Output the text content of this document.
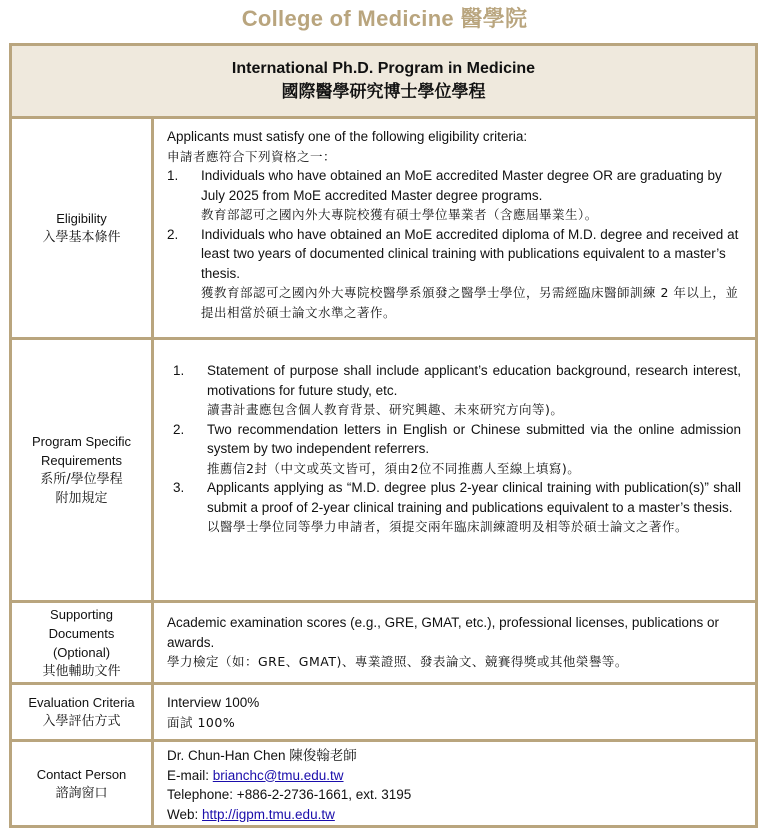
College of Medicine 醫學院
International Ph.D. Program in Medicine
國際醫學研究博士學位學程
Eligibility
入學基本條件
Applicants must satisfy one of the following eligibility criteria:
申請者應符合下列資格之一：
1. Individuals who have obtained an MoE accredited Master degree OR are graduating by July 2025 from MoE accredited Master degree programs.
教育部認可之國內外大專院校獲有碩士學位畢業者（含應屆畢業生）。
2. Individuals who have obtained an MoE accredited diploma of M.D. degree and received at least two years of documented clinical training with publications equivalent to a master’s thesis.
獲教育部認可之國內外大專院校醫學系頒發之醫學士學位，另需經臨床醫師訓練 2 年以上，並提出相當於碩士論文水準之著作。
Program Specific
Requirements
系所/學位學程
附加規定
1. Statement of purpose shall include applicant’s education background, research interest, motivations for future study, etc.
讀書計畫應包含個人教育背景、研究興趣、未來研究方向等)。
2. Two recommendation letters in English or Chinese submitted via the online admission system by two independent referrers.
推薦信2封（中文或英文皆可，須由2位不同推薦人至線上填寫)。
3. Applicants applying as “M.D. degree plus 2-year clinical training with publication(s)” shall submit a proof of 2-year clinical training and publications equivalent to a master’s thesis.
以醫學士學位同等學力申請者，須提交兩年臨床訓練證明及相等於碩士論文之著作。
Supporting
Documents
(Optional)
其他輔助文件
Academic examination scores (e.g., GRE, GMAT, etc.), professional licenses, publications or awards.
學力檢定（如：GRE、GMAT)、專業證照、發表論文、競賽得獎或其他榮譽等。
Evaluation Criteria
入學評估方式
Interview 100%
面試 100%
Contact Person
諮詢窗口
Dr. Chun-Han Chen 陳俊翰老師
E-mail: brianchc@tmu.edu.tw
Telephone: +886-2-2736-1661, ext. 3195
Web: http://igpm.tmu.edu.tw
